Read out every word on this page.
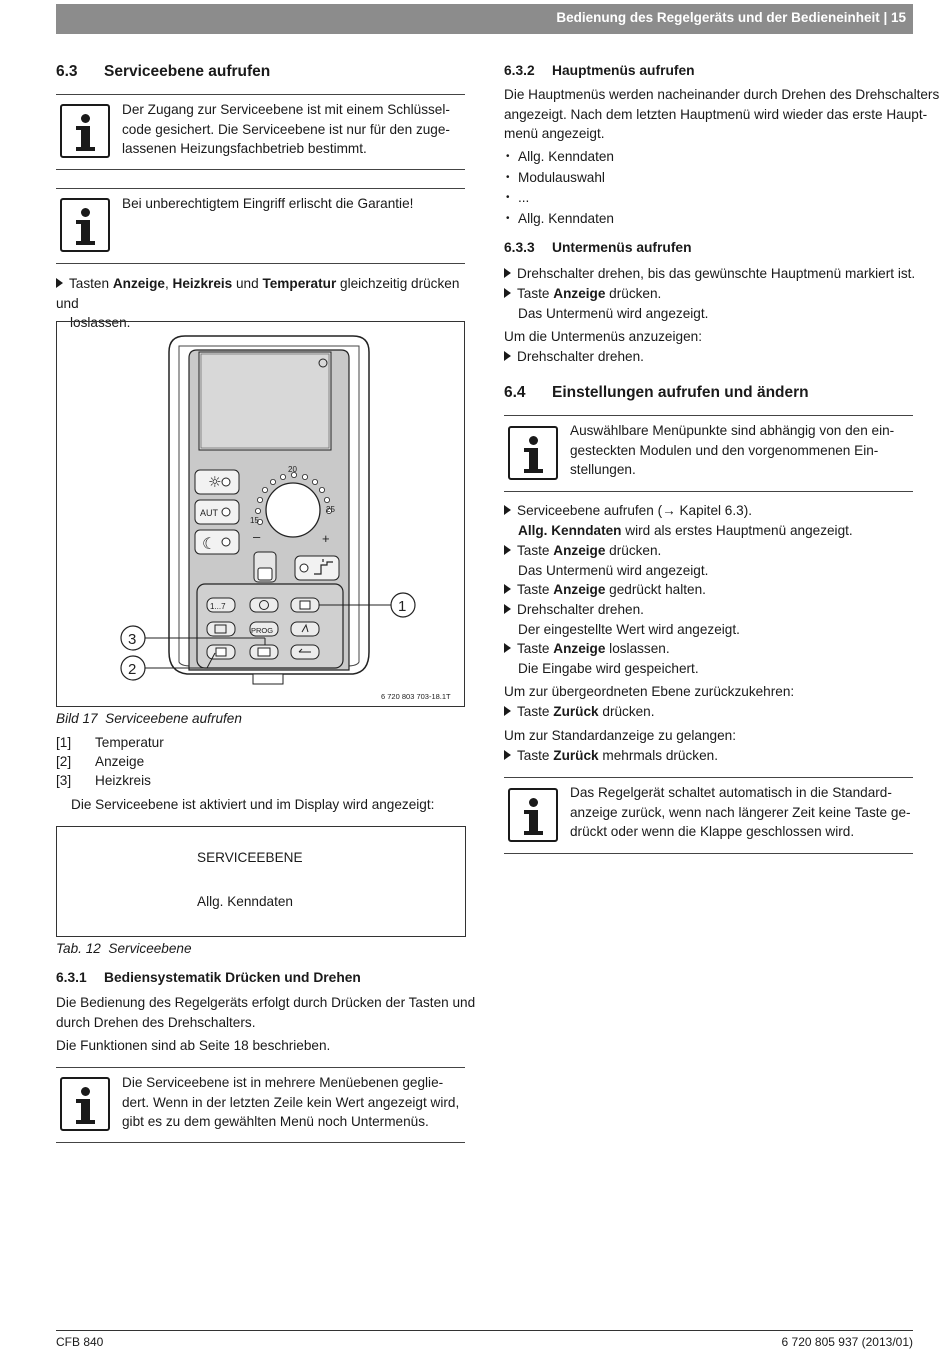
Bedienung des Regelgeräts und der Bedieneinheit | 15
6.3 Serviceebene aufrufen
Der Zugang zur Serviceebene ist mit einem Schlüssel-
code gesichert. Die Serviceebene ist nur für den zuge-
lassenen Heizungsfachbetrieb bestimmt.
Bei unberechtigtem Eingriff erlischt die Garantie!
Tasten Anzeige, Heizkreis und Temperatur gleichzeitig drücken und
loslassen.
☼
AUT
☾
15
20
25
–	+
1...7
PROG
1
3
2
6 720 803 703-18.1T
Bild 17 Serviceebene aufrufen
[1] Temperatur
[2] Anzeige
[3] Heizkreis
Die Serviceebene ist aktiviert und im Display wird angezeigt:
SERVICEEBENE
Allg. Kenndaten
Tab. 12 Serviceebene
6.3.1 Bediensystematik Drücken und Drehen
Die Bedienung des Regelgeräts erfolgt durch Drücken der Tasten und
durch Drehen des Drehschalters.
Die Funktionen sind ab Seite 18 beschrieben.
Die Serviceebene ist in mehrere Menüebenen geglie-
dert. Wenn in der letzten Zeile kein Wert angezeigt wird,
gibt es zu dem gewählten Menü noch Untermenüs.
6.3.2 Hauptmenüs aufrufen
Die Hauptmenüs werden nacheinander durch Drehen des Drehschalters
angezeigt. Nach dem letzten Hauptmenü wird wieder das erste Haupt-
menü angezeigt.
• Allg. Kenndaten
• Modulauswahl
• ...
• Allg. Kenndaten
6.3.3 Untermenüs aufrufen
Drehschalter drehen, bis das gewünschte Hauptmenü markiert ist.
Taste Anzeige drücken.
Das Untermenü wird angezeigt.
Um die Untermenüs anzuzeigen:
Drehschalter drehen.
6.4 Einstellungen aufrufen und ändern
Auswählbare Menüpunkte sind abhängig von den ein-
gesteckten Modulen und den vorgenommenen Ein-
stellungen.
Serviceebene aufrufen (→ Kapitel 6.3).
Allg. Kenndaten wird als erstes Hauptmenü angezeigt.
Taste Anzeige drücken.
Das Untermenü wird angezeigt.
Taste Anzeige gedrückt halten.
Drehschalter drehen.
Der eingestellte Wert wird angezeigt.
Taste Anzeige loslassen.
Die Eingabe wird gespeichert.
Um zur übergeordneten Ebene zurückzukehren:
Taste Zurück drücken.
Um zur Standardanzeige zu gelangen:
Taste Zurück mehrmals drücken.
Das Regelgerät schaltet automatisch in die Standard-
anzeige zurück, wenn nach längerer Zeit keine Taste ge-
drückt oder wenn die Klappe geschlossen wird.
CFB 840	6 720 805 937 (2013/01)
